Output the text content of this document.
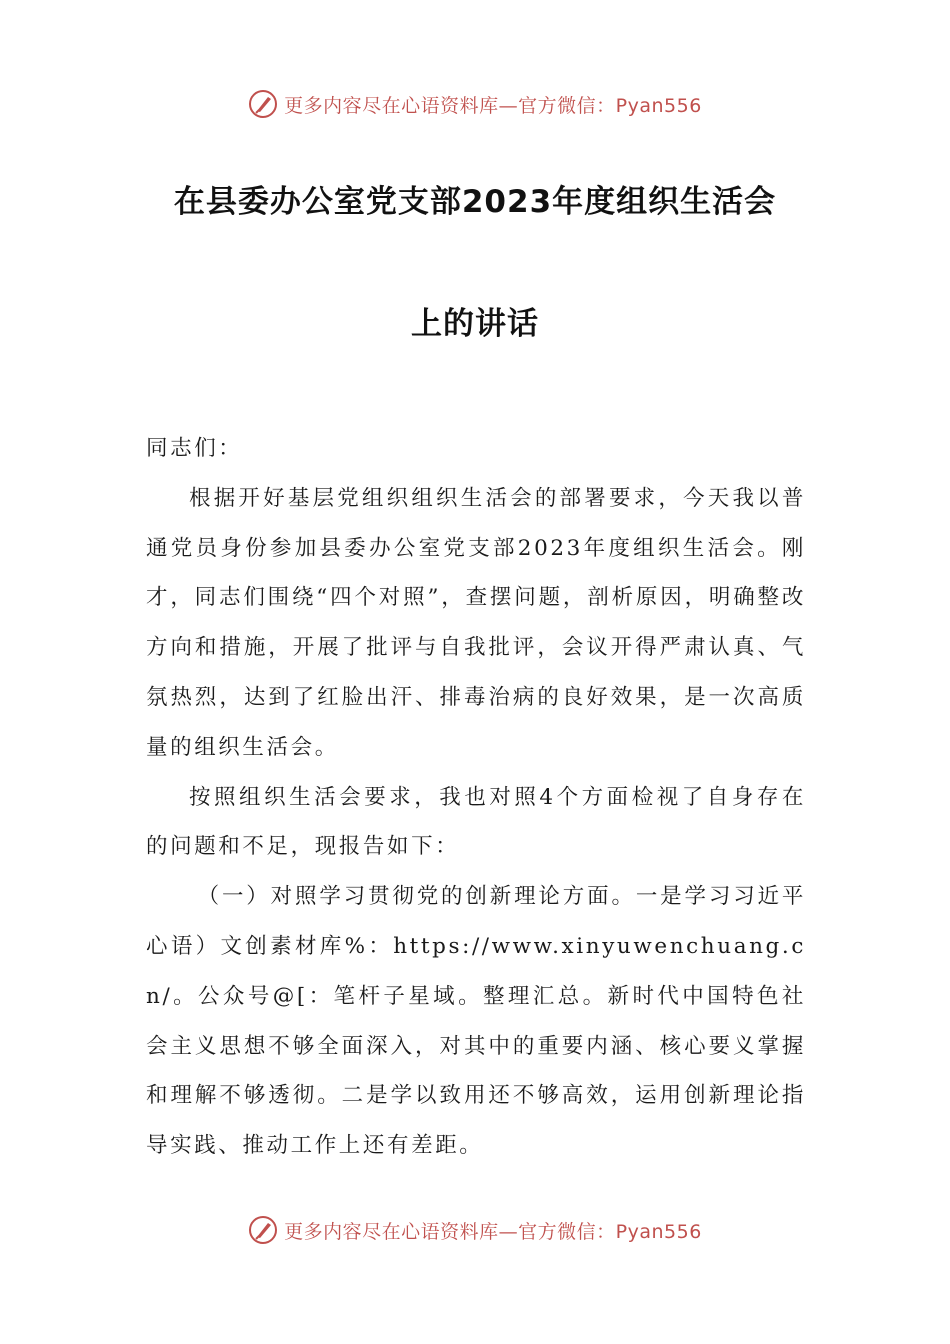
更多内容尽在心语资料库—官方微信：Pyan556
在县委办公室党支部2023年度组织生活会
上的讲话

同志们：

根据开好基层党组织组织生活会的部署要求，今天我以普通党员身份参加县委办公室党支部2023年度组织生活会。刚才，同志们围绕“四个对照”，查摆问题，剖析原因，明确整改方向和措施，开展了批评与自我批评，会议开得严肃认真、气氛热烈，达到了红脸出汗、排毒治病的良好效果，是一次高质量的组织生活会。

按照组织生活会要求，我也对照4个方面检视了自身存在的问题和不足，现报告如下：

（一）对照学习贯彻党的创新理论方面。一是学习习近平心语）文创素材库%：https://www.xinyuwenchuang.cn/。公众号@[：笔杆子星域。整理汇总。新时代中国特色社会主义思想不够全面深入，对其中的重要内涵、核心要义掌握和理解不够透彻。二是学以致用还不够高效，运用创新理论指导实践、推动工作上还有差距。

更多内容尽在心语资料库—官方微信：Pyan556
